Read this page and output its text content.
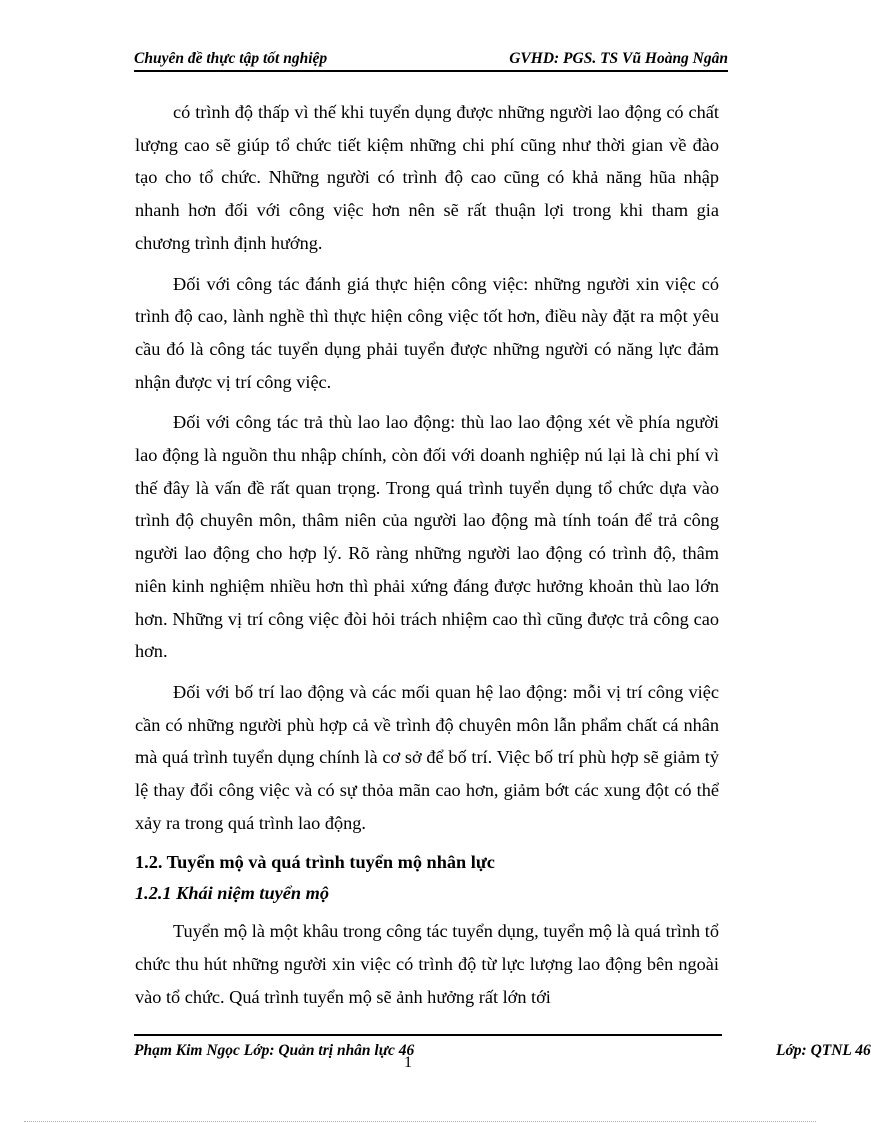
Chuyên đề thực tập tốt nghiệp	GVHD: PGS. TS Vũ Hoàng Ngân

có trình độ thấp vì thế khi tuyển dụng được những người lao động có chất lượng cao sẽ giúp tổ chức tiết kiệm những chi phí cũng như thời gian về đào tạo cho tổ chức. Những người có trình độ cao cũng có khả năng hũa nhập nhanh hơn đối với công việc hơn nên sẽ rất thuận lợi trong khi tham gia chương trình định hướng.

Đối với công tác đánh giá thực hiện công việc: những người xin việc có trình độ cao, lành nghề thì thực hiện công việc tốt hơn, điều này đặt ra một yêu cầu đó là công tác tuyển dụng phải tuyển được những người có năng lực đảm nhận được vị trí công việc.

Đối với công tác trả thù lao lao động: thù lao lao động xét về phía người lao động là nguồn thu nhập chính, còn đối với doanh nghiệp nú lại là chi phí vì thế đây là vấn đề rất quan trọng. Trong quá trình tuyển dụng tổ chức dựa vào trình độ chuyên môn, thâm niên của người lao động mà tính toán để trả công người lao động cho hợp lý. Rõ ràng những người lao động có trình độ, thâm niên kinh nghiệm nhiều hơn thì phải xứng đáng được hưởng khoản thù lao lớn hơn. Những vị trí công việc đòi hỏi trách nhiệm cao thì cũng được trả công cao hơn.

Đối với bố trí lao động và các mối quan hệ lao động: mỗi vị trí công việc cần có những người phù hợp cả về trình độ chuyên môn lẫn phẩm chất cá nhân mà quá trình tuyển dụng chính là cơ sở để bố trí. Việc bố trí phù hợp sẽ giảm tỷ lệ thay đổi công việc và có sự thỏa mãn cao hơn, giảm bớt các xung đột có thể xảy ra trong quá trình lao động.

1.2. Tuyển mộ và quá trình tuyển mộ nhân lực

1.2.1 Khái niệm tuyển mộ

Tuyển mộ là một khâu trong công tác tuyển dụng, tuyển mộ là quá trình tổ chức thu hút những người xin việc có trình độ từ lực lượng lao động bên ngoài vào tổ chức. Quá trình tuyển mộ sẽ ảnh hưởng rất lớn tới

Phạm Kim Ngọc Lớp: Quản trị nhân lực 46	Lớp: QTNL 46
1
